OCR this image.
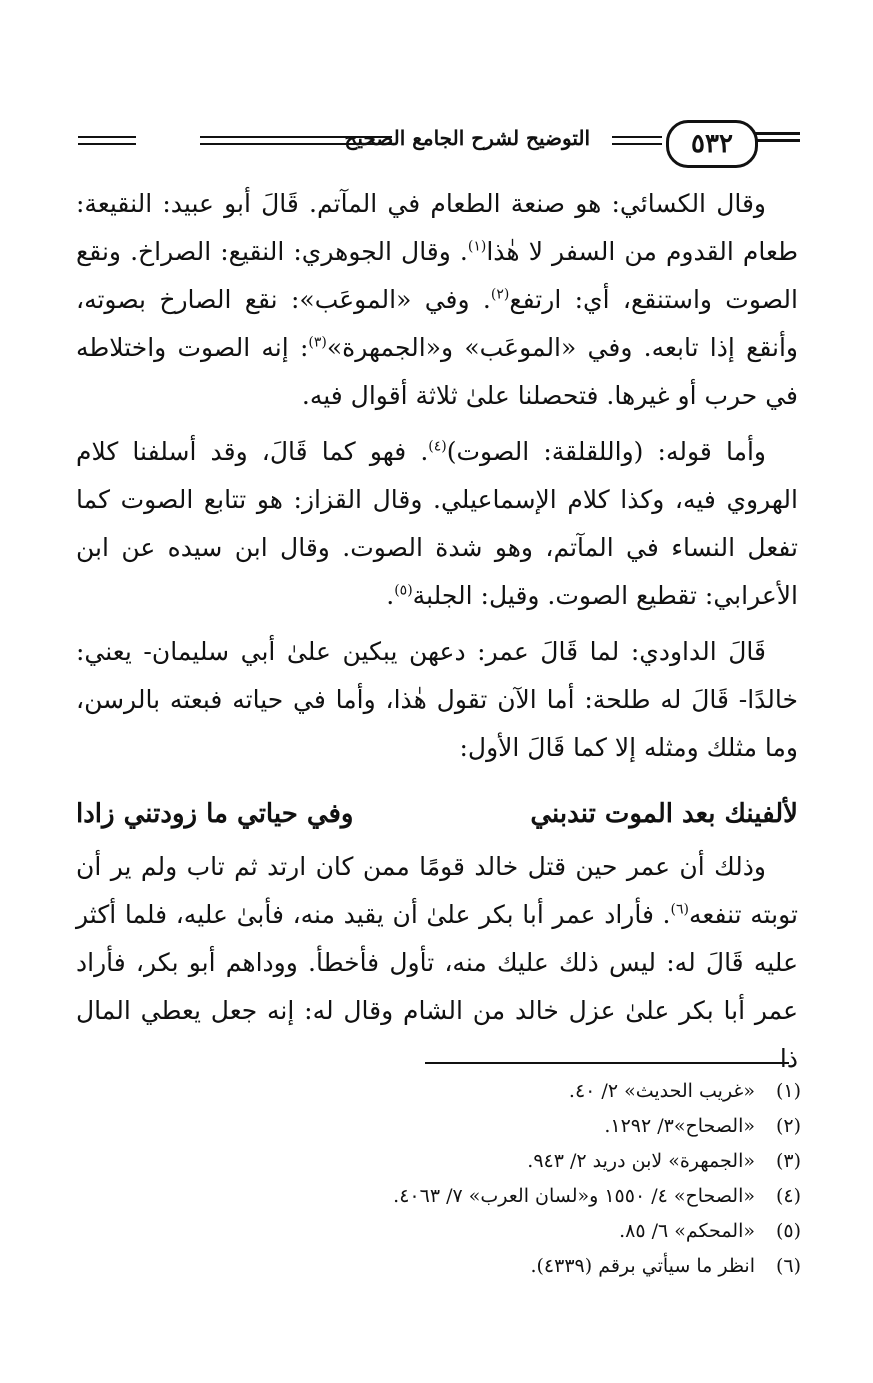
٥٣٢
التوضيح لشرح الجامع الصحيح

وقال الكسائي: هو صنعة الطعام في المآتم. قَالَ أبو عبيد: النقيعة: طعام القدوم من السفر لا هٰذا$^{(١)}$. وقال الجوهري: النقيع: الصراخ. ونقع الصوت واستنقع، أي: ارتفع$^{(٢)}$. وفي «الموعَب»: نقع الصارخ بصوته، وأنقع إذا تابعه. وفي «الموعَب» و«الجمهرة»$^{(٣)}$: إنه الصوت واختلاطه في حرب أو غيرها. فتحصلنا علىٰ ثلاثة أقوال فيه.

وأما قوله: (واللقلقة: الصوت)$^{(٤)}$. فهو كما قَالَ، وقد أسلفنا كلام الهروي فيه، وكذا كلام الإسماعيلي. وقال القزاز: هو تتابع الصوت كما تفعل النساء في المآتم، وهو شدة الصوت. وقال ابن سيده عن ابن الأعرابي: تقطيع الصوت. وقيل: الجلبة$^{(٥)}$.

قَالَ الداودي: لما قَالَ عمر: دعهن يبكين علىٰ أبي سليمان- يعني: خالدًا- قَالَ له طلحة: أما الآن تقول هٰذا، وأما في حياته فبعته بالرسن، وما مثلك ومثله إلا كما قَالَ الأول:

لألفينك بعد الموت تندبني
وفي حياتي ما زودتني زادا

وذلك أن عمر حين قتل خالد قومًا ممن كان ارتد ثم تاب ولم ير أن توبته تنفعه$^{(٦)}$. فأراد عمر أبا بكر علىٰ أن يقيد منه، فأبىٰ عليه، فلما أكثر عليه قَالَ له: ليس ذلك عليك منه، تأول فأخطأ. ووداهم أبو بكر، فأراد عمر أبا بكر علىٰ عزل خالد من الشام وقال له: إنه جعل يعطي المال ذا

(١)
«غريب الحديث» ٢/ ٤٠.
(٢)
«الصحاح»٣/ ١٢٩٢.
(٣)
«الجمهرة» لابن دريد ٢/ ٩٤٣.
(٤)
«الصحاح» ٤/ ١٥٥٠ و«لسان العرب» ٧/ ٤٠٦٣.
(٥)
«المحكم» ٦/ ٨٥.
(٦)
انظر ما سيأتي برقم (٤٣٣٩).
